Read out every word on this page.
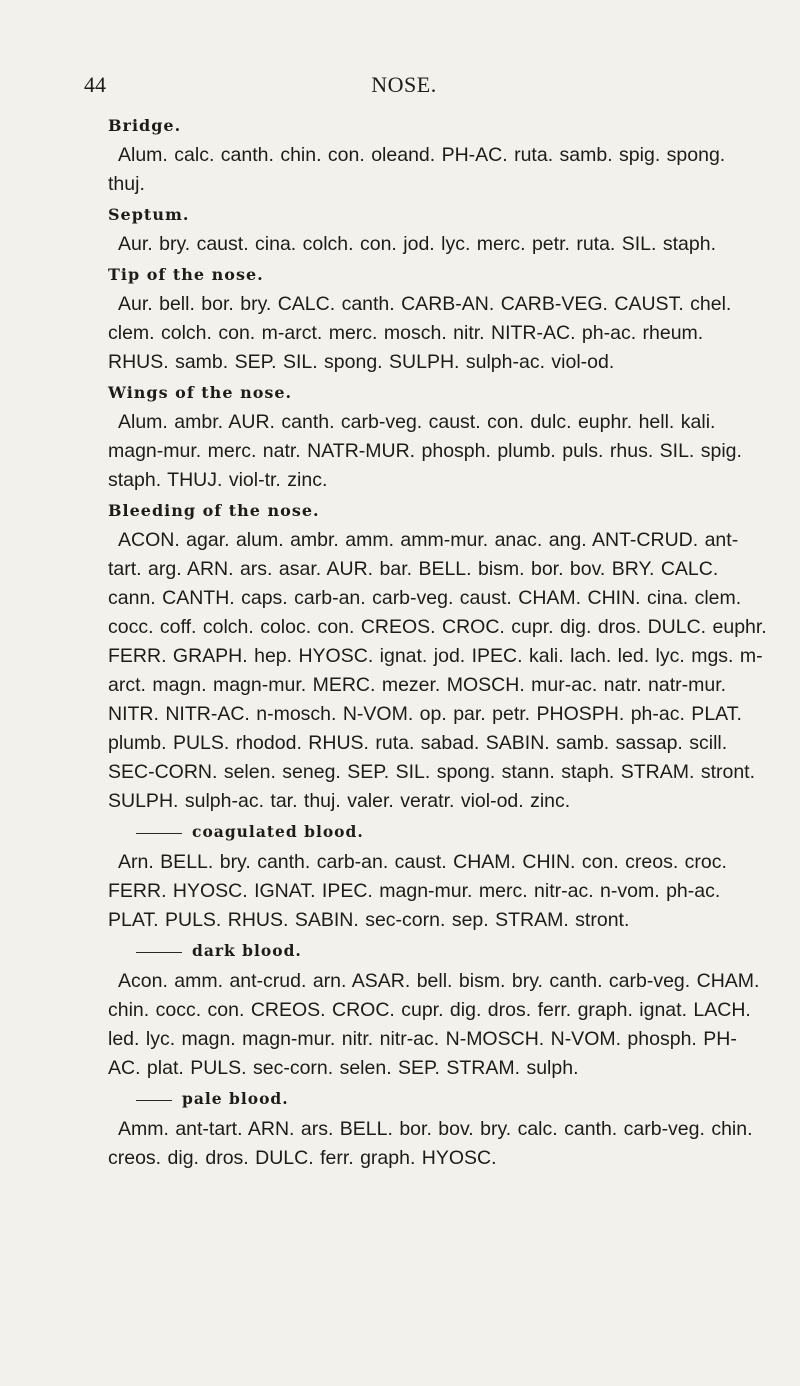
44	NOSE.

Bridge.

Alum. calc. canth. chin. con. oleand. PH-AC. ruta. samb. spig. spong. thuj.

Septum.

Aur. bry. caust. cina. colch. con. jod. lyc. merc. petr. ruta. SIL. staph.

Tip of the nose.

Aur. bell. bor. bry. CALC. canth. CARB-AN. CARB-VEG. CAUST. chel. clem. colch. con. m-arct. merc. mosch. nitr. NITR-AC. ph-ac. rheum. RHUS. samb. SEP. SIL. spong. SULPH. sulph-ac. viol-od.

Wings of the nose.

Alum. ambr. AUR. canth. carb-veg. caust. con. dulc. euphr. hell. kali. magn-mur. merc. natr. NATR-MUR. phosph. plumb. puls. rhus. SIL. spig. staph. THUJ. viol-tr. zinc.

Bleeding of the nose.

ACON. agar. alum. ambr. amm. amm-mur. anac. ang. ANT-CRUD. ant-tart. arg. ARN. ars. asar. AUR. bar. BELL. bism. bor. bov. BRY. CALC. cann. CANTH. caps. carb-an. carb-veg. caust. CHAM. CHIN. cina. clem. cocc. coff. colch. coloc. con. CREOS. CROC. cupr. dig. dros. DULC. euphr. FERR. GRAPH. hep. HYOSC. ignat. jod. IPEC. kali. lach. led. lyc. mgs. m-arct. magn. magn-mur. MERC. mezer. MOSCH. mur-ac. natr. natr-mur. NITR. NITR-AC. n-mosch. N-VOM. op. par. petr. PHOSPH. ph-ac. PLAT. plumb. PULS. rhodod. RHUS. ruta. sabad. SABIN. samb. sassap. scill. SEC-CORN. selen. seneg. SEP. SIL. spong. stann. staph. STRAM. stront. SULPH. sulph-ac. tar. thuj. valer. veratr. viol-od. zinc.

coagulated blood.

Arn. BELL. bry. canth. carb-an. caust. CHAM. CHIN. con. creos. croc. FERR. HYOSC. IGNAT. IPEC. magn-mur. merc. nitr-ac. n-vom. ph-ac. PLAT. PULS. RHUS. SABIN. sec-corn. sep. STRAM. stront.

dark blood.

Acon. amm. ant-crud. arn. ASAR. bell. bism. bry. canth. carb-veg. CHAM. chin. cocc. con. CREOS. CROC. cupr. dig. dros. ferr. graph. ignat. LACH. led. lyc. magn. magn-mur. nitr. nitr-ac. N-MOSCH. N-VOM. phosph. PH-AC. plat. PULS. sec-corn. selen. SEP. STRAM. sulph.

pale blood.

Amm. ant-tart. ARN. ars. BELL. bor. bov. bry. calc. canth. carb-veg. chin. creos. dig. dros. DULC. ferr. graph. HYOSC.
